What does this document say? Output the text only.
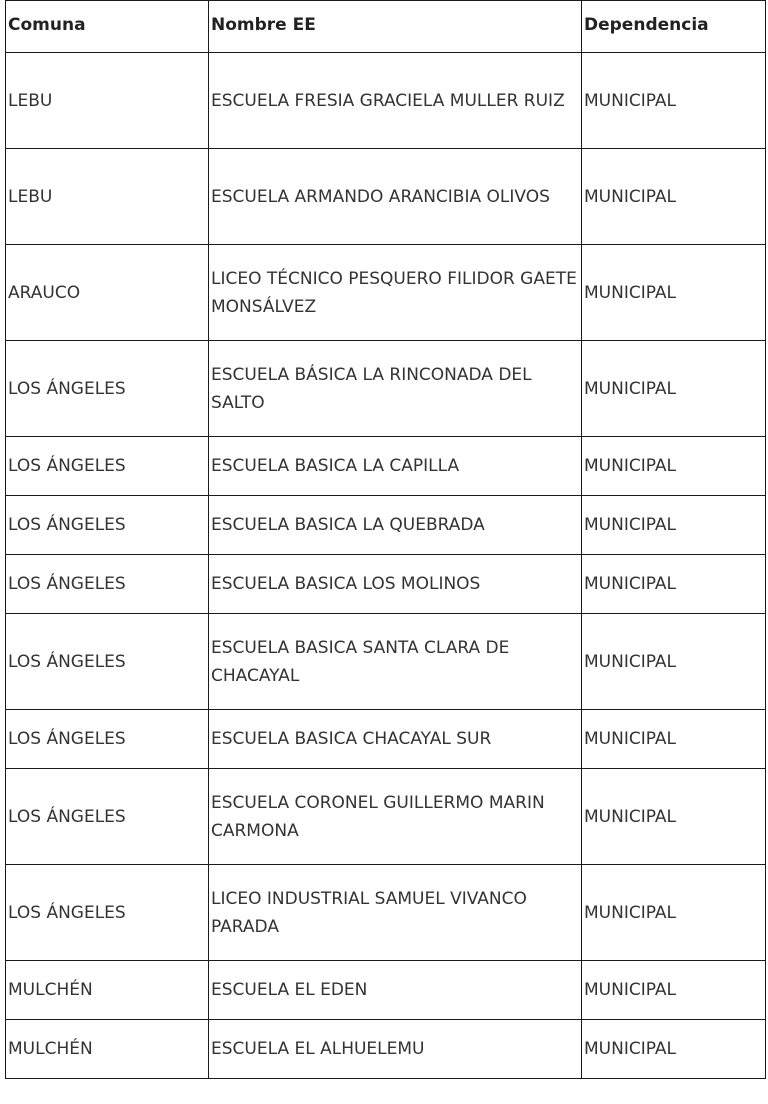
Comuna	Nombre EE	Dependencia
LEBU	ESCUELA FRESIA GRACIELA MULLER RUIZ	MUNICIPAL
LEBU	ESCUELA ARMANDO ARANCIBIA OLIVOS	MUNICIPAL
ARAUCO	LICEO TÉCNICO PESQUERO FILIDOR GAETE MONSÁLVEZ	MUNICIPAL
LOS ÁNGELES	ESCUELA BÁSICA LA RINCONADA DEL SALTO	MUNICIPAL
LOS ÁNGELES	ESCUELA BASICA LA CAPILLA	MUNICIPAL
LOS ÁNGELES	ESCUELA BASICA LA QUEBRADA	MUNICIPAL
LOS ÁNGELES	ESCUELA BASICA LOS MOLINOS	MUNICIPAL
LOS ÁNGELES	ESCUELA BASICA SANTA CLARA DE CHACAYAL	MUNICIPAL
LOS ÁNGELES	ESCUELA BASICA CHACAYAL SUR	MUNICIPAL
LOS ÁNGELES	ESCUELA CORONEL GUILLERMO MARIN CARMONA	MUNICIPAL
LOS ÁNGELES	LICEO INDUSTRIAL SAMUEL VIVANCO PARADA	MUNICIPAL
MULCHÉN	ESCUELA EL EDEN	MUNICIPAL
MULCHÉN	ESCUELA EL ALHUELEMU	MUNICIPAL
